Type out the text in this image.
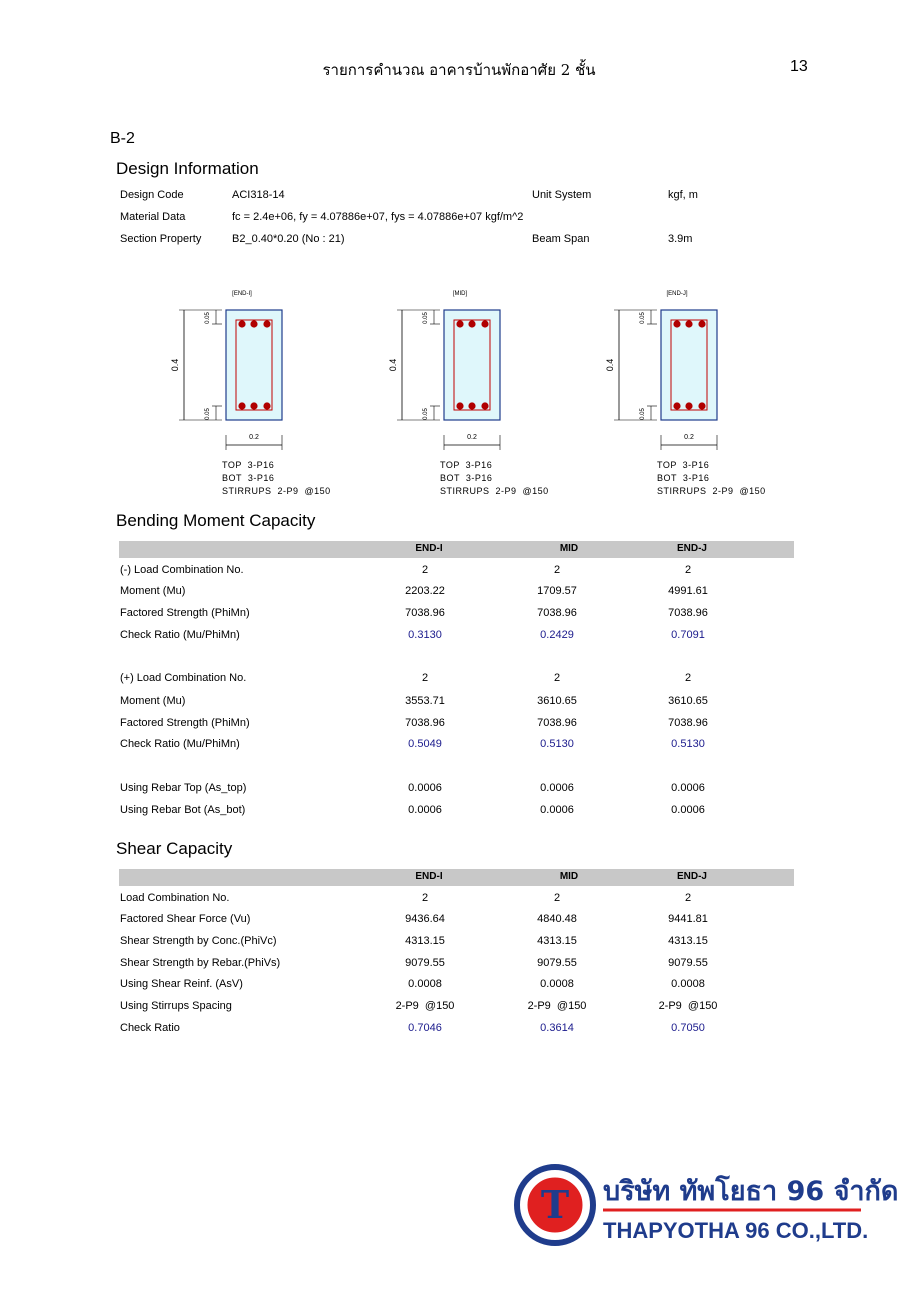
รายการคำนวณ อาคารบ้านพักอาศัย 2 ชั้น	13
B-2
Design Information
Design Code	ACI318-14	Unit System	kgf, m
Material Data	fc = 2.4e+06, fy = 4.07886e+07, fys = 4.07886e+07 kgf/m^2
Section Property	B2_0.40*0.20 (No : 21)	Beam Span	3.9m
[END-I]
0.4
0.05
0.05
0.2
TOP  3-P16
BOT  3-P16
STIRRUPS  2-P9  @150
[MID]
0.4
0.05
0.05
0.2
TOP  3-P16
BOT  3-P16
STIRRUPS  2-P9  @150
[END-J]
0.4
0.05
0.05
0.2
TOP  3-P16
BOT  3-P16
STIRRUPS  2-P9  @150
Bending Moment Capacity
END-I	MID	END-J
(-) Load Combination No.	2	2	2
Moment (Mu)	2203.22	1709.57	4991.61
Factored Strength (PhiMn)	7038.96	7038.96	7038.96
Check Ratio (Mu/PhiMn)	0.3130	0.2429	0.7091
(+) Load Combination No.	2	2	2
Moment (Mu)	3553.71	3610.65	3610.65
Factored Strength (PhiMn)	7038.96	7038.96	7038.96
Check Ratio (Mu/PhiMn)	0.5049	0.5130	0.5130
Using Rebar Top (As_top)	0.0006	0.0006	0.0006
Using Rebar Bot (As_bot)	0.0006	0.0006	0.0006
Shear Capacity
END-I	MID	END-J
Load Combination No.	2	2	2
Factored Shear Force (Vu)	9436.64	4840.48	9441.81
Shear Strength by Conc.(PhiVc)	4313.15	4313.15	4313.15
Shear Strength by Rebar.(PhiVs)	9079.55	9079.55	9079.55
Using Shear Reinf. (AsV)	0.0008	0.0008	0.0008
Using Stirrups Spacing	2-P9  @150	2-P9  @150	2-P9  @150
Check Ratio	0.7046	0.3614	0.7050
T บริษัท ทัพโยธา 96 จำกัด
THAPYOTHA 96 CO.,LTD.
